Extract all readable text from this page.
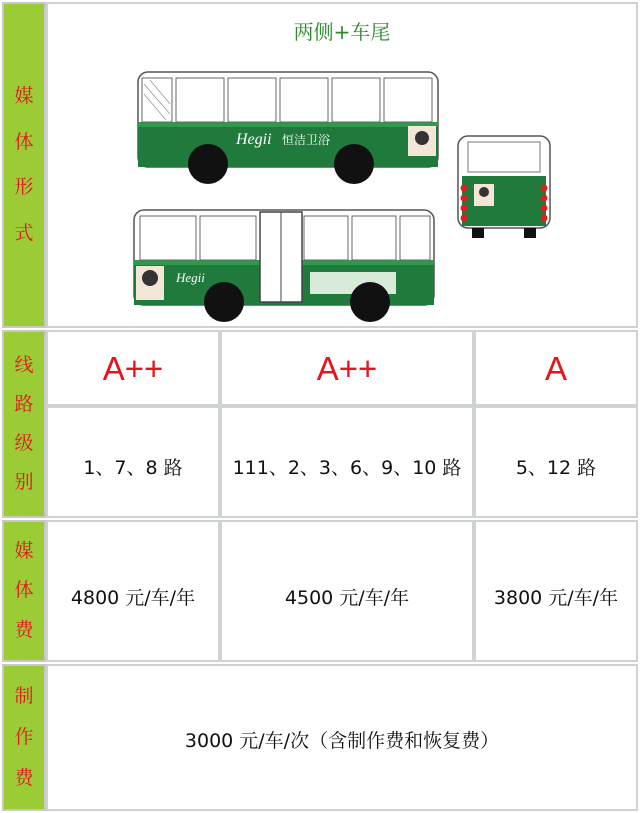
媒
体
形
式
两侧+车尾
Hegii 恒洁卫浴
Hegii
线
路
级
别
A++	A++	A
1、7、8 路	111、2、3、6、9、10 路	5、12 路
媒
体
费
4800 元/车/年	4500 元/车/年	3800 元/车/年
制
作
费
3000 元/车/次（含制作费和恢复费）
